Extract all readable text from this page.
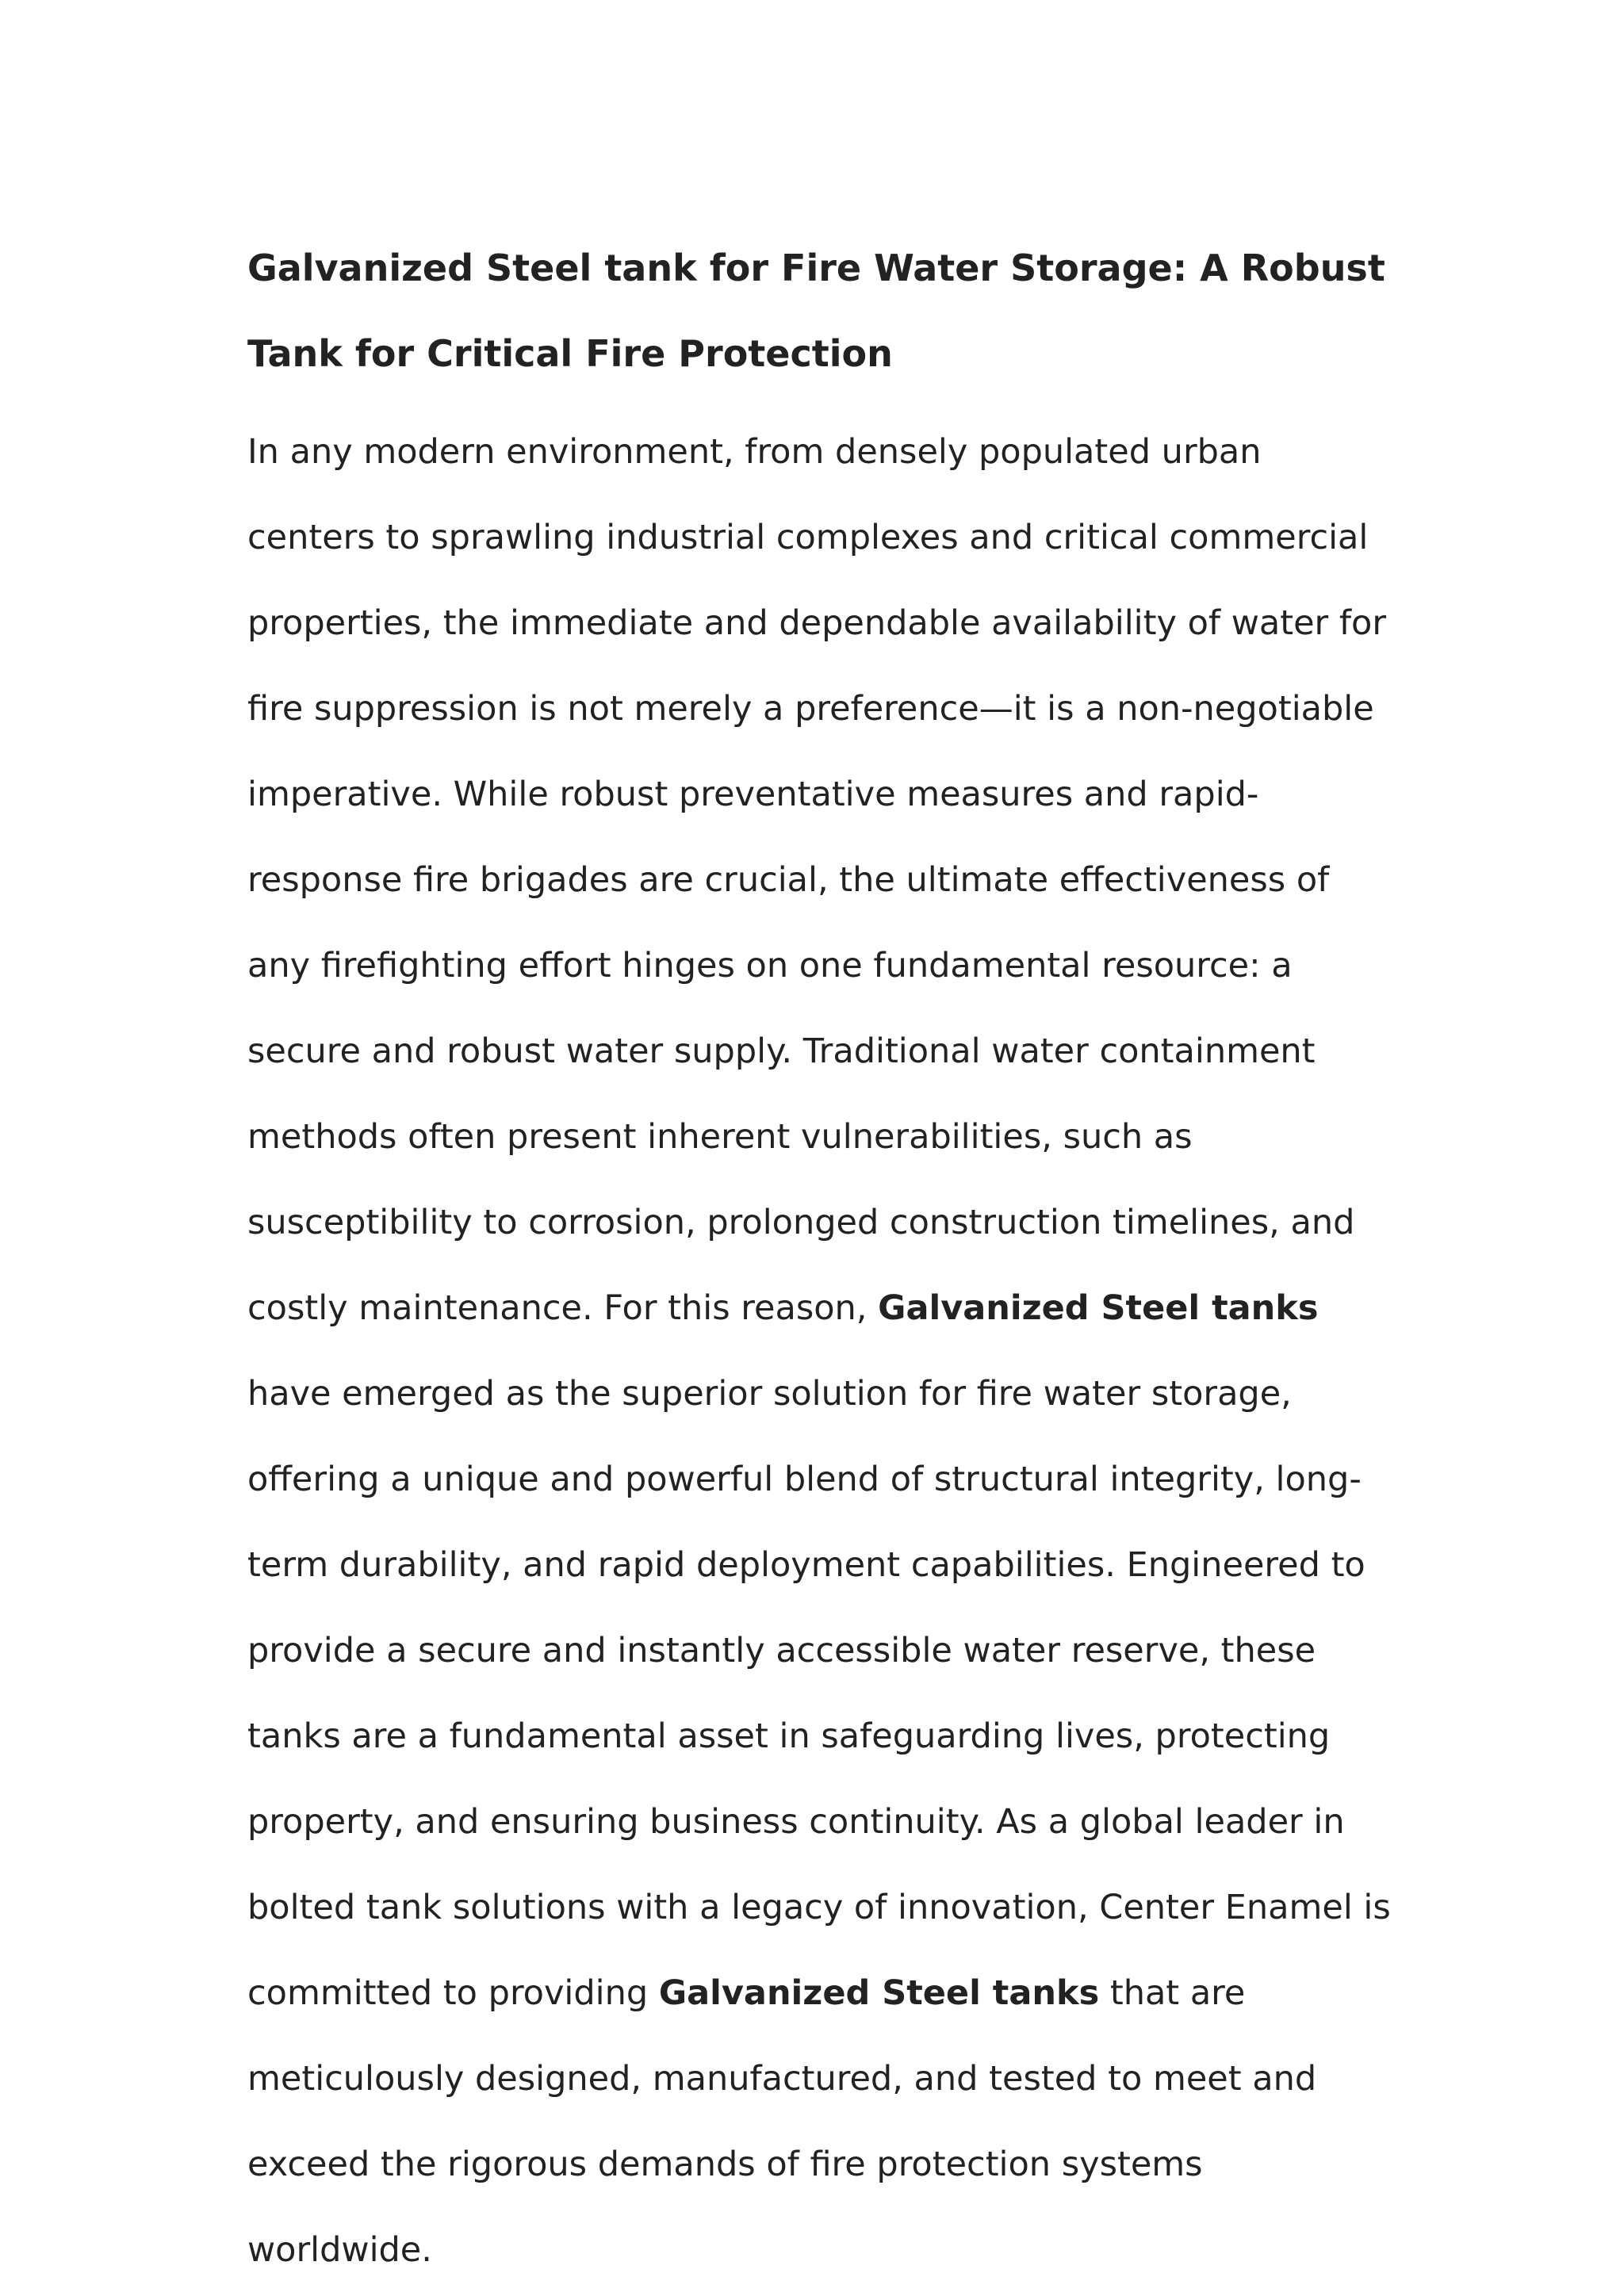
Galvanized Steel tank for Fire Water Storage: A Robust Tank for Critical Fire Protection

In any modern environment, from densely populated urban centers to sprawling industrial complexes and critical commercial properties, the immediate and dependable availability of water for fire suppression is not merely a preference—it is a non-negotiable imperative. While robust preventative measures and rapid-response fire brigades are crucial, the ultimate effectiveness of any firefighting effort hinges on one fundamental resource: a secure and robust water supply. Traditional water containment methods often present inherent vulnerabilities, such as susceptibility to corrosion, prolonged construction timelines, and costly maintenance. For this reason, Galvanized Steel tanks have emerged as the superior solution for fire water storage, offering a unique and powerful blend of structural integrity, long-term durability, and rapid deployment capabilities. Engineered to provide a secure and instantly accessible water reserve, these tanks are a fundamental asset in safeguarding lives, protecting property, and ensuring business continuity. As a global leader in bolted tank solutions with a legacy of innovation, Center Enamel is committed to providing Galvanized Steel tanks that are meticulously designed, manufactured, and tested to meet and exceed the rigorous demands of fire protection systems worldwide.
